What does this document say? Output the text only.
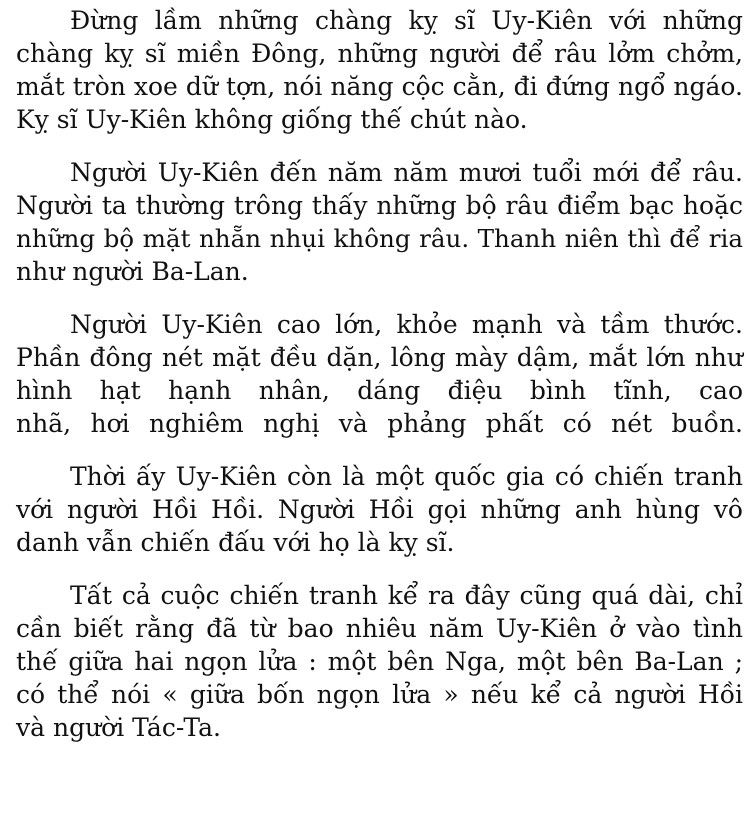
Đừng lầm những chàng kỵ sĩ Uy-Kiên với những
chàng kỵ sĩ miền Đông, những người để râu lởm chởm,
mắt tròn xoe dữ tợn, nói năng cộc cằn, đi đứng ngổ ngáo.
Kỵ sĩ Uy-Kiên không giống thế chút nào.
Người Uy-Kiên đến năm năm mươi tuổi mới để râu.
Người ta thường trông thấy những bộ râu điểm bạc hoặc
những bộ mặt nhẵn nhụi không râu. Thanh niên thì để ria
như người Ba-Lan.
Người Uy-Kiên cao lớn, khỏe mạnh và tầm thước.
Phần đông nét mặt đều dặn, lông mày dậm, mắt lớn như
hình hạt hạnh nhân, dáng điệu bình tĩnh, cao
nhã, hơi nghiêm nghị và phảng phất có nét buồn.
Thời ấy Uy-Kiên còn là một quốc gia có chiến tranh
với người Hồi Hồi. Người Hồi gọi những anh hùng vô
danh vẫn chiến đấu với họ là kỵ sĩ.
Tất cả cuộc chiến tranh kể ra đây cũng quá dài, chỉ
cần biết rằng đã từ bao nhiêu năm Uy-Kiên ở vào tình
thế giữa hai ngọn lửa : một bên Nga, một bên Ba-Lan ;
có thể nói « giữa bốn ngọn lửa » nếu kể cả người Hồi
và người Tác-Ta.
